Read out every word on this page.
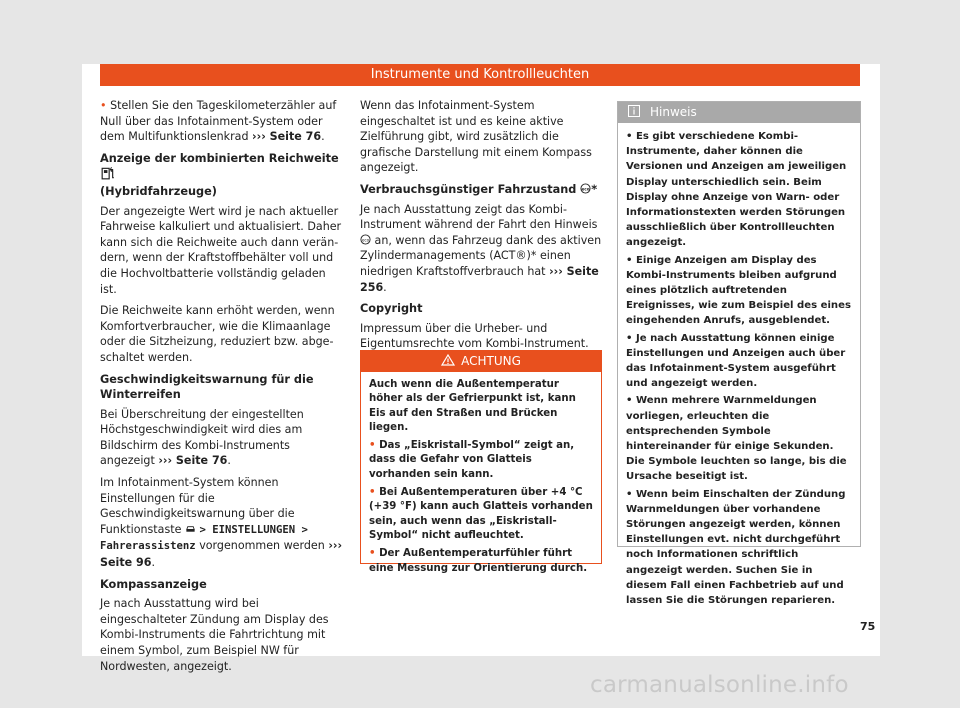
Instrumente und Kontrollleuchten

• Stellen Sie den Tageskilometerzähler auf Null über das Infotainment-System oder dem Multifunktionslenkrad ››› Seite 76.

Anzeige der kombinierten Reichweite
(Hybridfahrzeuge)

Der angezeigte Wert wird je nach aktueller Fahrweise kalkuliert und aktualisiert. Daher kann sich die Reichweite auch dann verändern, wenn der Kraftstoffbehälter voll und die Hochvoltbatterie vollständig geladen ist.

Die Reichweite kann erhöht werden, wenn Komfortverbraucher, wie die Klimaanlage oder die Sitzheizung, reduziert bzw. abgeschaltet werden.

Geschwindigkeitswarnung für die Winterreifen

Bei Überschreitung der eingestellten Höchstgeschwindigkeit wird dies am Bildschirm des Kombi-Instruments angezeigt ››› Seite 76.

Im Infotainment-System können Einstellungen für die Geschwindigkeitswarnung über die Funktionstaste > EINSTELLUNGEN > Fahrerassistenz vorgenommen werden ››› Seite 96.

Kompassanzeige

Je nach Ausstattung wird bei eingeschalteter Zündung am Display des Kombi-Instruments die Fahrtrichtung mit einem Symbol, zum Beispiel NW für Nordwesten, angezeigt.

Wenn das Infotainment-System eingeschaltet ist und es keine aktive Zielführung gibt, wird zusätzlich die grafische Darstellung mit einem Kompass angezeigt.

Verbrauchsgünstiger Fahrzustand eco *

Je nach Ausstattung zeigt das Kombi-Instrument während der Fahrt den Hinweis
eco an, wenn das Fahrzeug dank des aktiven Zylindermanagements (ACT®)* einen niedrigen Kraftstoffverbrauch hat ››› Seite 256.

Copyright

Impressum über die Urheber- und Eigentumsrechte vom Kombi-Instrument.

ACHTUNG

Auch wenn die Außentemperatur höher als der Gefrierpunkt ist, kann Eis auf den Straßen und Brücken liegen.

• Das „Eiskristall-Symbol“ zeigt an, dass die Gefahr von Glatteis vorhanden sein kann.

• Bei Außentemperaturen über +4 °C (+39 °F) kann auch Glatteis vorhanden sein, auch wenn das „Eiskristall-Symbol“ nicht aufleuchtet.

• Der Außentemperaturfühler führt eine Messung zur Orientierung durch.

Hinweis

• Es gibt verschiedene Kombi-Instrumente, daher können die Versionen und Anzeigen am jeweiligen Display unterschiedlich sein. Beim Display ohne Anzeige von Warn- oder Informationstexten werden Störungen ausschließlich über Kontrollleuchten angezeigt.

• Einige Anzeigen am Display des Kombi-Instruments bleiben aufgrund eines plötzlich auftretenden Ereignisses, wie zum Beispiel des eines eingehenden Anrufs, ausgeblendet.

• Je nach Ausstattung können einige Einstellungen und Anzeigen auch über das Infotainment-System ausgeführt und angezeigt werden.

• Wenn mehrere Warnmeldungen vorliegen, erleuchten die entsprechenden Symbole hintereinander für einige Sekunden. Die Symbole leuchten so lange, bis die Ursache beseitigt ist.

• Wenn beim Einschalten der Zündung Warnmeldungen über vorhandene Störungen angezeigt werden, können Einstellungen evt. nicht durchgeführt noch Informationen schriftlich angezeigt werden. Suchen Sie in diesem Fall einen Fachbetrieb auf und lassen Sie die Störungen reparieren.

75
carmanualsonline.info
